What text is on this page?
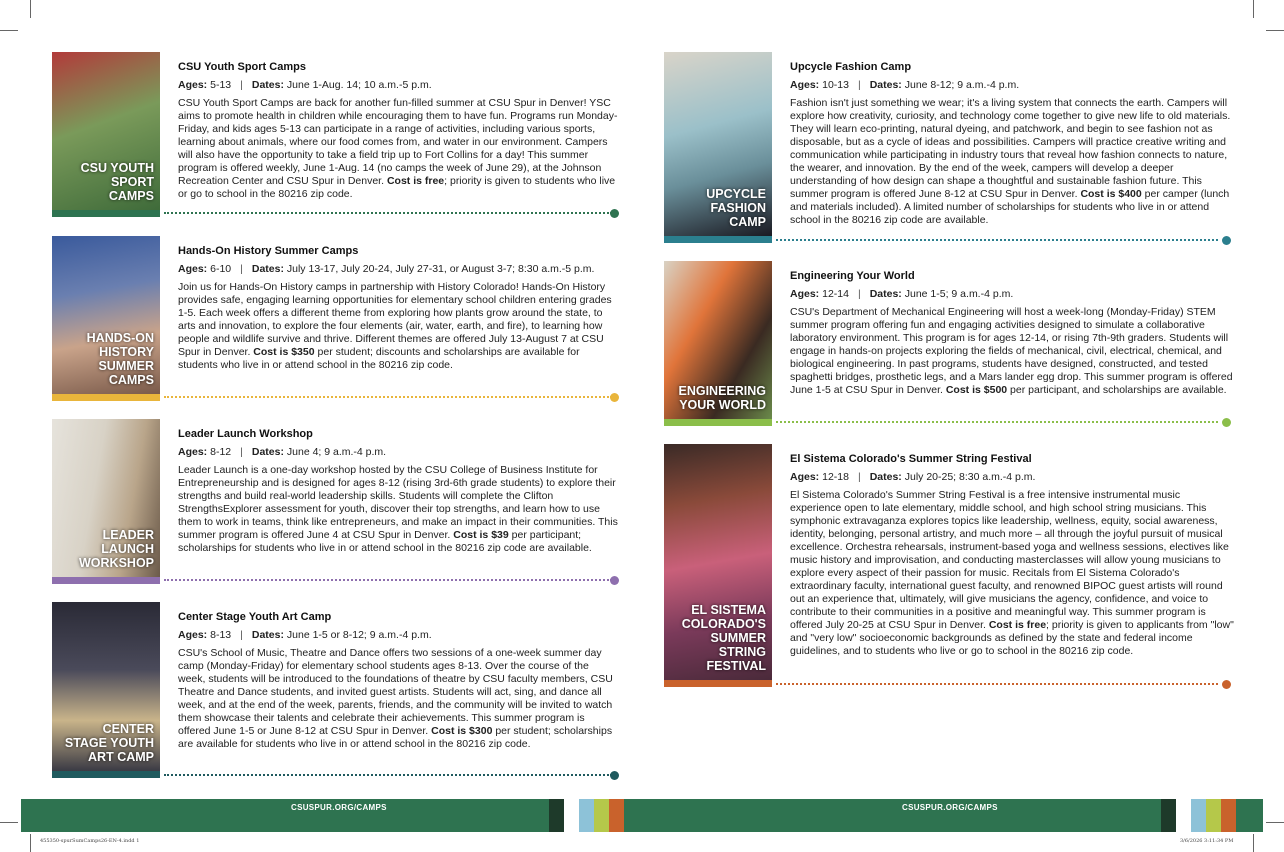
CSU YOUTH
SPORT
CAMPS
CSU Youth Sport Camps
Ages: 5-13 | Dates: June 1-Aug. 14; 10 a.m.-5 p.m.
CSU Youth Sport Camps are back for another fun-filled summer at CSU Spur in Denver! YSC aims to promote health in children while encouraging them to have fun. Programs run Monday-Friday, and kids ages 5-13 can participate in a range of activities, including various sports, learning about animals, where our food comes from, and water in our environment. Campers will also have the opportunity to take a field trip up to Fort Collins for a day! This summer program is offered weekly, June 1-Aug. 14 (no camps the week of June 29), at the Johnson Recreation Center and CSU Spur in Denver. Cost is free; priority is given to students who live or go to school in the 80216 zip code.
HANDS-ON
HISTORY
SUMMER
CAMPS
Hands-On History Summer Camps
Ages: 6-10 | Dates: July 13-17, July 20-24, July 27-31, or August 3-7; 8:30 a.m.-5 p.m.
Join us for Hands-On History camps in partnership with History Colorado! Hands-On History provides safe, engaging learning opportunities for elementary school children entering grades 1-5. Each week offers a different theme from exploring how plants grow around the state, to arts and innovation, to explore the four elements (air, water, earth, and fire), to learning how people and wildlife survive and thrive. Different themes are offered July 13-August 7 at CSU Spur in Denver. Cost is $350 per student; discounts and scholarships are available for students who live in or attend school in the 80216 zip code.
LEADER
LAUNCH
WORKSHOP
Leader Launch Workshop
Ages: 8-12 | Dates: June 4; 9 a.m.-4 p.m.
Leader Launch is a one-day workshop hosted by the CSU College of Business Institute for Entrepreneurship and is designed for ages 8-12 (rising 3rd-6th grade students) to explore their strengths and build real-world leadership skills. Students will complete the Clifton StrengthsExplorer assessment for youth, discover their top strengths, and learn how to use them to work in teams, think like entrepreneurs, and make an impact in their communities. This summer program is offered June 4 at CSU Spur in Denver. Cost is $39 per participant; scholarships for students who live in or attend school in the 80216 zip code are available.
CENTER
STAGE YOUTH
ART CAMP
Center Stage Youth Art Camp
Ages: 8-13 | Dates: June 1-5 or 8-12; 9 a.m.-4 p.m.
CSU's School of Music, Theatre and Dance offers two sessions of a one-week summer day camp (Monday-Friday) for elementary school students ages 8-13. Over the course of the week, students will be introduced to the foundations of theatre by CSU faculty members, CSU Theatre and Dance students, and invited guest artists. Students will act, sing, and dance all week, and at the end of the week, parents, friends, and the community will be invited to watch them showcase their talents and celebrate their achievements. This summer program is offered June 1-5 or June 8-12 at CSU Spur in Denver. Cost is $300 per student; scholarships are available for students who live in or attend school in the 80216 zip code.
UPCYCLE
FASHION
CAMP
Upcycle Fashion Camp
Ages: 10-13 | Dates: June 8-12; 9 a.m.-4 p.m.
Fashion isn't just something we wear; it's a living system that connects the earth. Campers will explore how creativity, curiosity, and technology come together to give new life to old materials. They will learn eco-printing, natural dyeing, and patchwork, and begin to see fashion not as disposable, but as a cycle of ideas and possibilities. Campers will practice creative writing and communication while participating in industry tours that reveal how fashion connects to nature, the wearer, and innovation. By the end of the week, campers will develop a deeper understanding of how design can shape a thoughtful and sustainable fashion future. This summer program is offered June 8-12 at CSU Spur in Denver. Cost is $400 per camper (lunch and materials included). A limited number of scholarships for students who live in or attend school in the 80216 zip code are available.
ENGINEERING
YOUR WORLD
Engineering Your World
Ages: 12-14 | Dates: June 1-5; 9 a.m.-4 p.m.
CSU's Department of Mechanical Engineering will host a week-long (Monday-Friday) STEM summer program offering fun and engaging activities designed to simulate a collaborative laboratory environment. This program is for ages 12-14, or rising 7th-9th graders. Students will engage in hands-on projects exploring the fields of mechanical, civil, electrical, chemical, and biological engineering. In past programs, students have designed, constructed, and tested spaghetti bridges, prosthetic legs, and a Mars lander egg drop. This summer program is offered June 1-5 at CSU Spur in Denver. Cost is $500 per participant, and scholarships are available.
EL SISTEMA
COLORADO'S
SUMMER
STRING
FESTIVAL
El Sistema Colorado's Summer String Festival
Ages: 12-18 | Dates: July 20-25; 8:30 a.m.-4 p.m.
El Sistema Colorado's Summer String Festival is a free intensive instrumental music experience open to late elementary, middle school, and high school string musicians. This symphonic extravaganza explores topics like leadership, wellness, equity, social awareness, identity, belonging, personal artistry, and much more – all through the joyful pursuit of musical excellence. Orchestra rehearsals, instrument-based yoga and wellness sessions, electives like music history and improvisation, and conducting masterclasses will allow young musicians to explore every aspect of their passion for music. Recitals from El Sistema Colorado's extraordinary faculty, international guest faculty, and renowned BIPOC guest artists will round out an experience that, ultimately, will give musicians the agency, confidence, and voice to contribute to their communities in a positive and meaningful way. This summer program is offered July 20-25 at CSU Spur in Denver. Cost is free; priority is given to applicants from "low" and "very low" socioeconomic backgrounds as defined by the state and federal income guidelines, and to students who live or go to school in the 80216 zip code.
CSUSPUR.ORG/CAMPS	CSUSPUR.ORG/CAMPS
455350-spurSumCamps26-EN-4.indd 1	3/6/2026 3:11:34 PM
